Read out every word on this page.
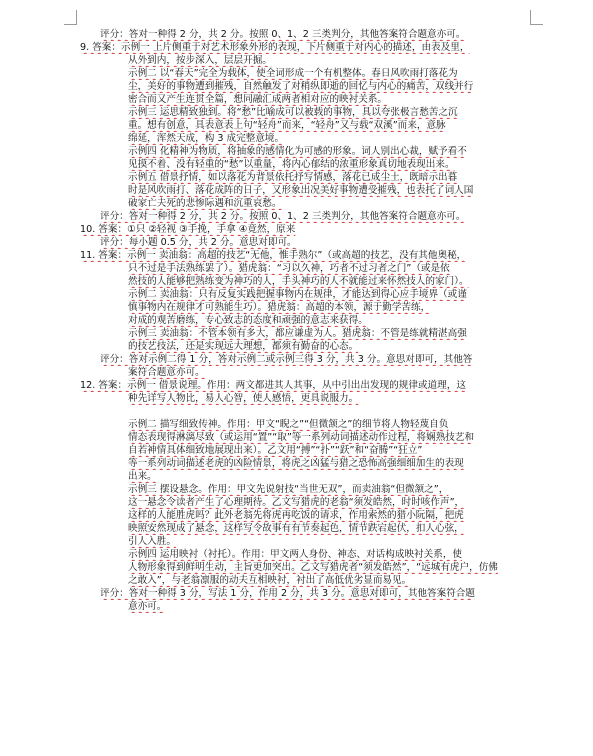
评分：答对一种得 2 分，共 2 分。按照 0、1、2 三类判分，其他答案符合题意亦可。
9. 答案：示例一 上片侧重于对艺术形象外形的表现，下片侧重于对内心的描述，由表及里，
从外到内，按步深入，层层开掘。
示例二 以“春天”完全为载体，使全词形成一个有机整体。春日风吹雨打落花为
尘，美好的事物遭到摧残，自然触发了对稍纵即逝的回忆与内心的痛苦，双线并行
密合而又产生连贯全篇，想同融汇成两者相对应的映衬关系。
示例三 运思精致独到。将“愁”比喻成可以被载的事物，具以夸张极言愁苦之沉
重。想有创意，具表意表上句“轻舟”而来，“轻舟”又与载“双溪”而来，意脉
绵延，浑然天成，构 3 成完整意境。
示例四 化精神为物质，将抽象的感情化为可感的形象。词人别出心裁，赋予看不
见摸不着、没有轻重的“愁”以重量，将内心郁结的浓重形象真切地表现出来。
示例五 借景抒情，如以落花为背景依托抒写情感，落花已成尘土，既暗示出暮
时是风吹雨打、落花成阵的日子，又形象出况美好事物遭受摧残，也表托了词人国
破家亡夫死的悲惨际遇和沉重哀愁。
评分：答对一种得 2 分，共 2 分。按照 0、1、2 三类判分，其他答案符合题意亦可。
10. 答案：①只 ②轻视 ③手挽，手拿 ④竟然，原来
评分：每小题 0.5 分，共 2 分。意思对即可。
11. 答案：示例一 卖油翁：高超的技艺“无他，惟手熟尔”（或高超的技艺，没有其他奥秘，
只不过是手法熟练罢了）。猎虎翁：“习以久神，巧者不过习者之门”（或是依
然技的人能够把熟练变为神巧的人，手头神巧的人不就能过来怀然技人的家门）。
示例二 卖油翁：只有反复实践把握事物内在规律，才能达到得心应手境界（或谨
慎事物内在规律才可熟能生巧）。猎虎翁：高超的本领，源于勤学苦练，
对成的观苦磨练，专心致志的态度和顽强的意志来获得。
示例三 卖油翁：不管本领有多大，都应谦虚为人。猎虎翁：不管是练就精湛高强
的技艺技法，还是实现远大理想，都须有勤奋的心态。
评分：答对示例二得 1 分，答对示例二或示例三得 3 分，共 3 分。意思对即可，其他答
案符合题意亦可。
12. 答案：示例一 借景说理。作用：两文都进其人其事，从中引出出发现的规律或道理，这
种先详写人物比，易人心智，使人感悟，更具说服力。
示例二 描写细致传神。作用：甲文“睨之”“但微颔之”的细节将人物轻蔑自负
情态表现得淋漓尽致（或运用“置”“取”等一系列动词描述动作过程，将娴熟技艺和
自若神情具体细致地展现出来）。乙文用“搏”“扑”“跃”和“奋腾”“狂立”
等一系列动词描述老虎的凶险情景，将虎之凶猛与猎之恐怖高强细细加生的表现
出来。
示例三 摆设悬念。作用：甲文先说射技“当世无双”，而卖油翁“但微颔之”，
这一悬念令读者产生了心理期待。乙文写猎虎的老翁“须发皓然，时时咳作声”，
这样的人能胜虎吗？此外老翁先将虎再吃饭的请求，作用索然的猎小阮隔，把虎
映照安然现成了悬念，这样写令故事有有节奏起色，情节跌宕起伏，扣人心弦，
引人入胜。
示例四 运用映衬（衬托）。作用：甲文两人身份、神态、对话构成映衬关系，使
人物形象得到鲜明生动，主旨更加突出。乙文写猎虎者“须发皓然”，“远城有虎户，仿佛
之敢入”，与老翁凛服的动夫互相映衬，衬出了高低优劣显而易见。
评分：答对一种得 3 分，写法 1 分，作用 2 分，共 3 分。意思对即可，其他答案符合题
意亦可。
